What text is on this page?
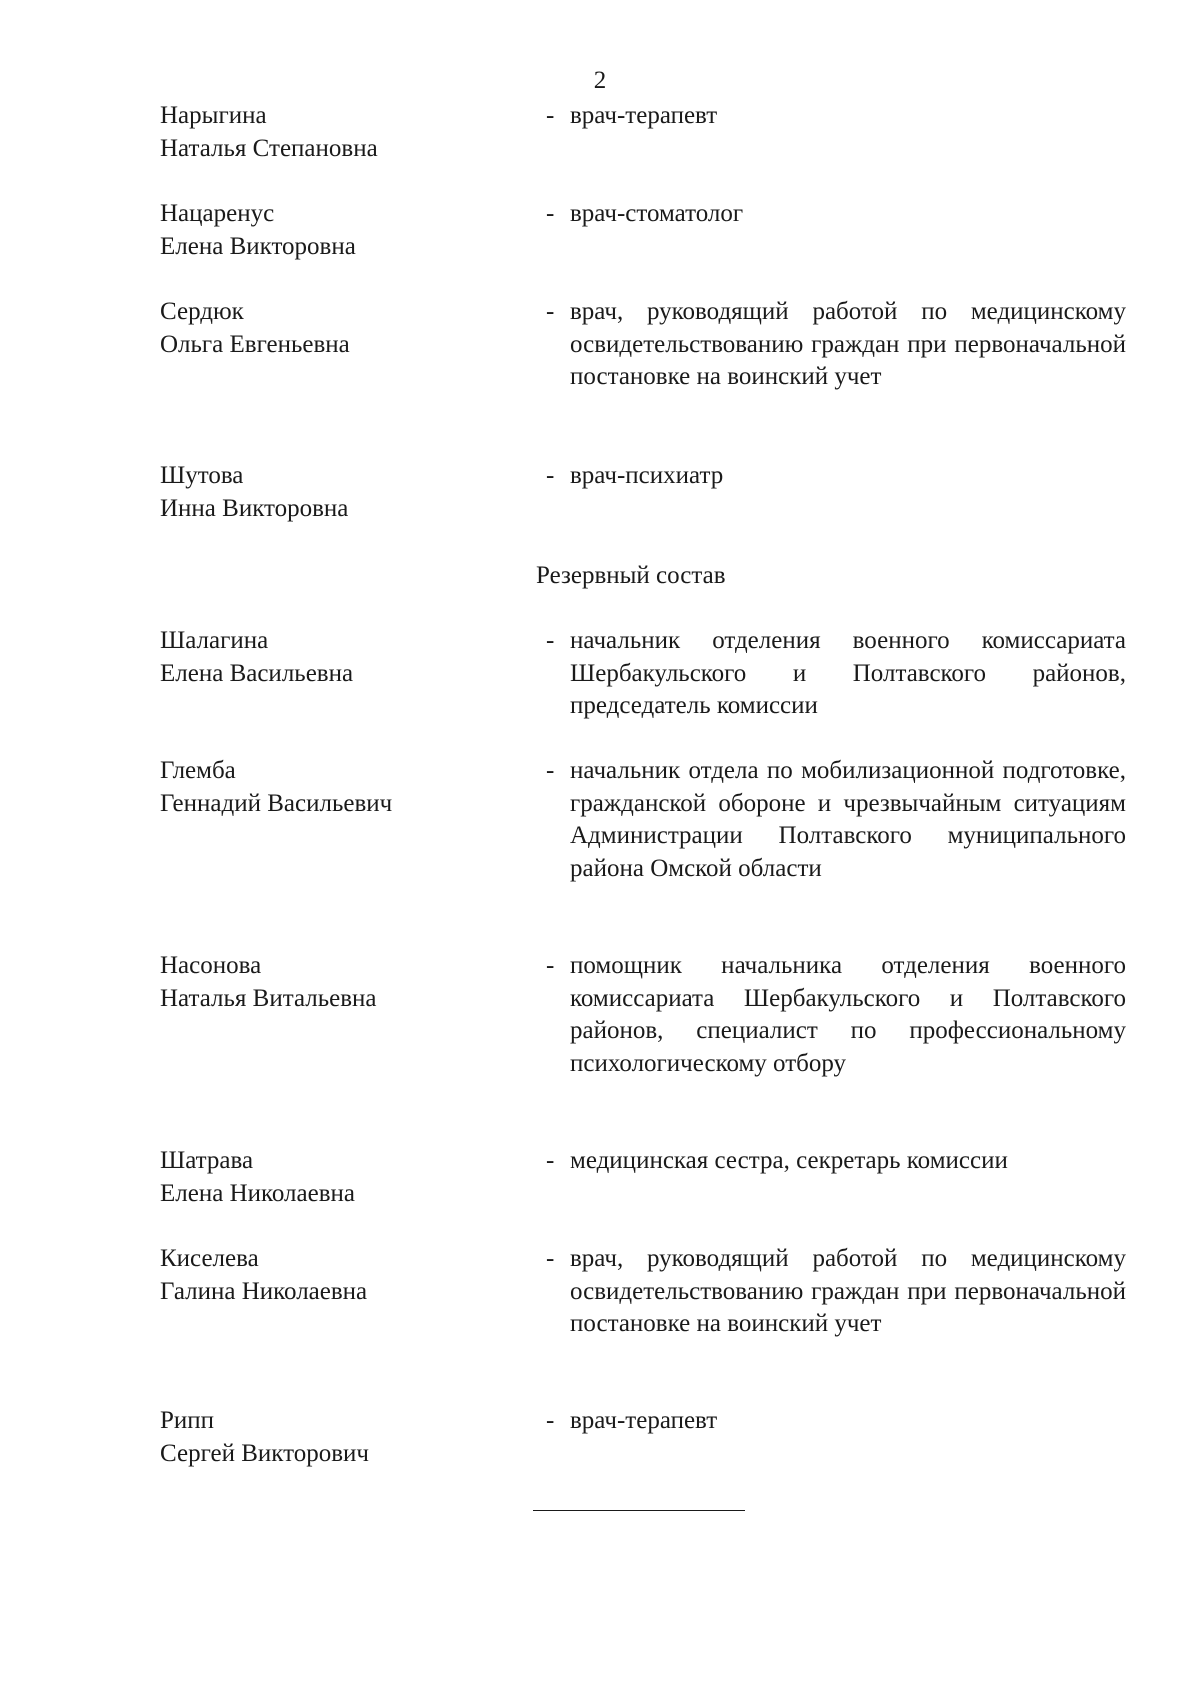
2
Нарыгина
Наталья Степановна
- врач-терапевт
Нацаренус
Елена Викторовна
- врач-стоматолог
Сердюк
Ольга Евгеньевна
- врач, руководящий работой по медицинскому освидетельствованию граждан при первоначальной постановке на воинский учет
Шутова
Инна Викторовна
- врач-психиатр
Резервный состав
Шалагина
Елена Васильевна
- начальник отделения военного комиссариата Шербакульского и Полтавского районов, председатель комиссии
Глемба
Геннадий Васильевич
- начальник отдела по мобилизационной подготовке, гражданской обороне и чрезвычайным ситуациям Администрации Полтавского муниципального района Омской области
Насонова
Наталья Витальевна
- помощник начальника отделения военного комиссариата Шербакульского и Полтавского районов, специалист по профессиональному психологическому отбору
Шатрава
Елена Николаевна
- медицинская сестра, секретарь комиссии
Киселева
Галина Николаевна
- врач, руководящий работой по медицинскому освидетельствованию граждан при первоначальной постановке на воинский учет
Рипп
Сергей Викторович
- врач-терапевт
